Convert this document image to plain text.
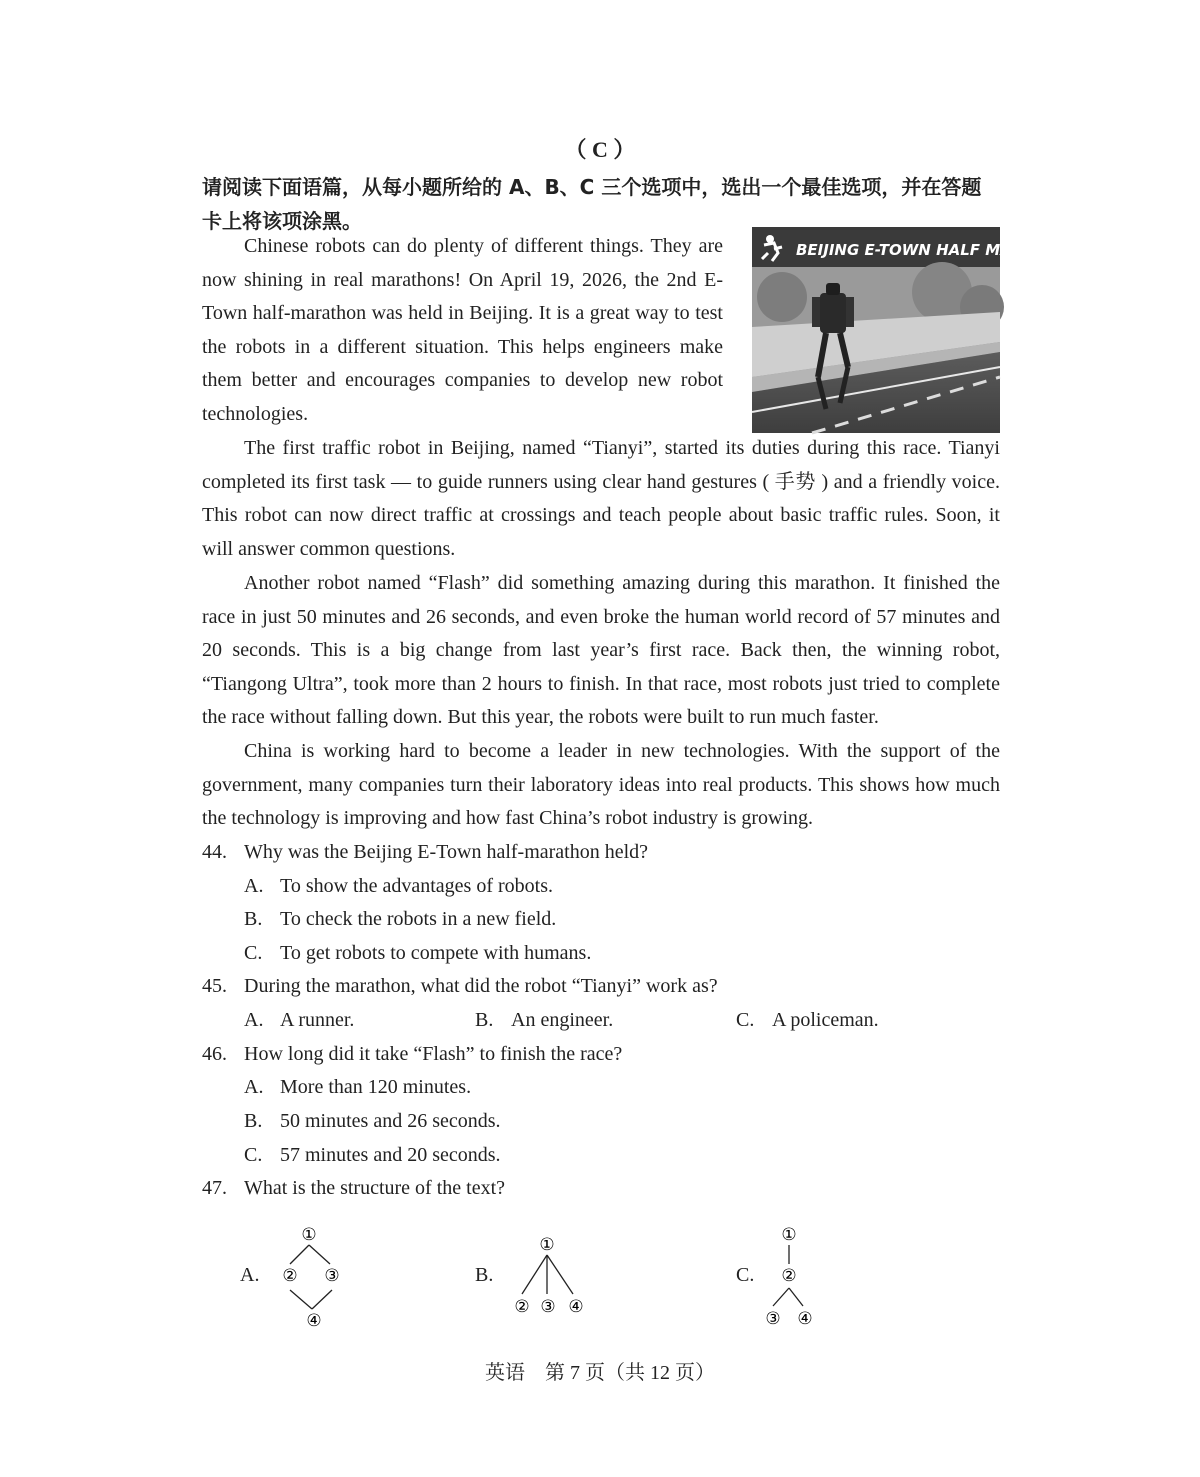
（ C ）
请阅读下面语篇，从每小题所给的 A、B、C 三个选项中，选出一个最佳选项，并在答题卡上将该项涂黑。
BEIJING E-TOWN HALF MARATHON
Chinese robots can do plenty of different things. They are now shining in real marathons! On April 19, 2026, the 2nd E-Town half-marathon was held in Beijing. It is a great way to test the robots in a different situation. This helps engineers make them better and encourages companies to develop new robot technologies.
The first traffic robot in Beijing, named “Tianyi”, started its duties during this race. Tianyi completed its first task — to guide runners using clear hand gestures ( 手势 ) and a friendly voice. This robot can now direct traffic at crossings and teach people about basic traffic rules. Soon, it will answer common questions.
Another robot named “Flash” did something amazing during this marathon. It finished the race in just 50 minutes and 26 seconds, and even broke the human world record of 57 minutes and 20 seconds. This is a big change from last year’s first race. Back then, the winning robot, “Tiangong Ultra”, took more than 2 hours to finish. In that race, most robots just tried to complete the race without falling down. But this year, the robots were built to run much faster.
China is working hard to become a leader in new technologies. With the support of the government, many companies turn their laboratory ideas into real products. This shows how much the technology is improving and how fast China’s robot industry is growing.
44. Why was the Beijing E-Town half-marathon held?
A. To show the advantages of robots.
B. To check the robots in a new field.
C. To get robots to compete with humans.
45. During the marathon, what did the robot “Tianyi” work as?
A. A runner.	B. An engineer.	C. A policeman.
46. How long did it take “Flash” to finish the race?
A. More than 120 minutes.
B. 50 minutes and 26 seconds.
C. 57 minutes and 20 seconds.
47. What is the structure of the text?
A.
①
② ③
④
B.
①
② ③ ④
C.
①
②
③ ④
英语　第 7 页（共 12 页）
